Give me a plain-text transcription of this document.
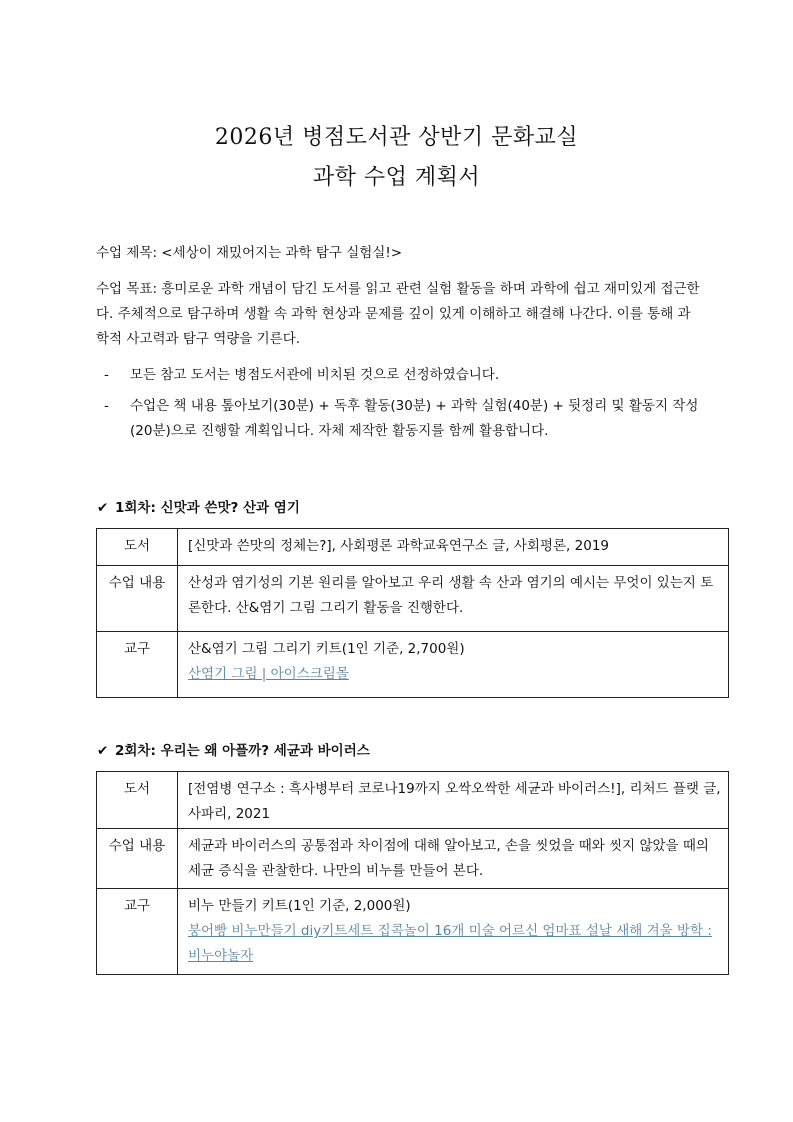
2026년 병점도서관 상반기 문화교실
과학 수업 계획서
수업 제목: <세상이 재밌어지는 과학 탐구 실험실!>
수업 목표: 흥미로운 과학 개념이 담긴 도서를 읽고 관련 실험 활동을 하며 과학에 쉽고 재미있게 접근한다. 주체적으로 탐구하며 생활 속 과학 현상과 문제를 깊이 있게 이해하고 해결해 나간다. 이를 통해 과학적 사고력과 탐구 역량을 기른다.
- 모든 참고 도서는 병점도서관에 비치된 것으로 선정하였습니다.
- 수업은 책 내용 톺아보기(30분) + 독후 활동(30분) + 과학 실험(40분) + 뒷정리 및 활동지 작성(20분)으로 진행할 계획입니다. 자체 제작한 활동지를 함께 활용합니다.
✔ 1회차: 신맛과 쓴맛? 산과 염기
도서	[신맛과 쓴맛의 정체는?], 사회평론 과학교육연구소 글, 사회평론, 2019

수업 내용	산성과 염기성의 기본 원리를 알아보고 우리 생활 속 산과 염기의 예시는 무엇이 있는지 토론한다. 산&염기 그림 그리기 활동을 진행한다.

교구	산&염기 그림 그리기 키트(1인 기준, 2,700원)
산염기 그림 | 아이스크림몰
✔ 2회차: 우리는 왜 아플까? 세균과 바이러스
도서	[전염병 연구소 : 흑사병부터 코로나19까지 오싹오싹한 세균과 바이러스!], 리처드 플랫 글, 사파리, 2021

수업 내용	세균과 바이러스의 공통점과 차이점에 대해 알아보고, 손을 씻었을 때와 씻지 않았을 때의 세균 증식을 관찰한다. 나만의 비누를 만들어 본다.

교구	비누 만들기 키트(1인 기준, 2,000원)
붕어빵 비누만들기 diy키트세트 집콕놀이 16개 미술 어르신 엄마표 설날 새해 겨울 방학 : 비누야놀자
